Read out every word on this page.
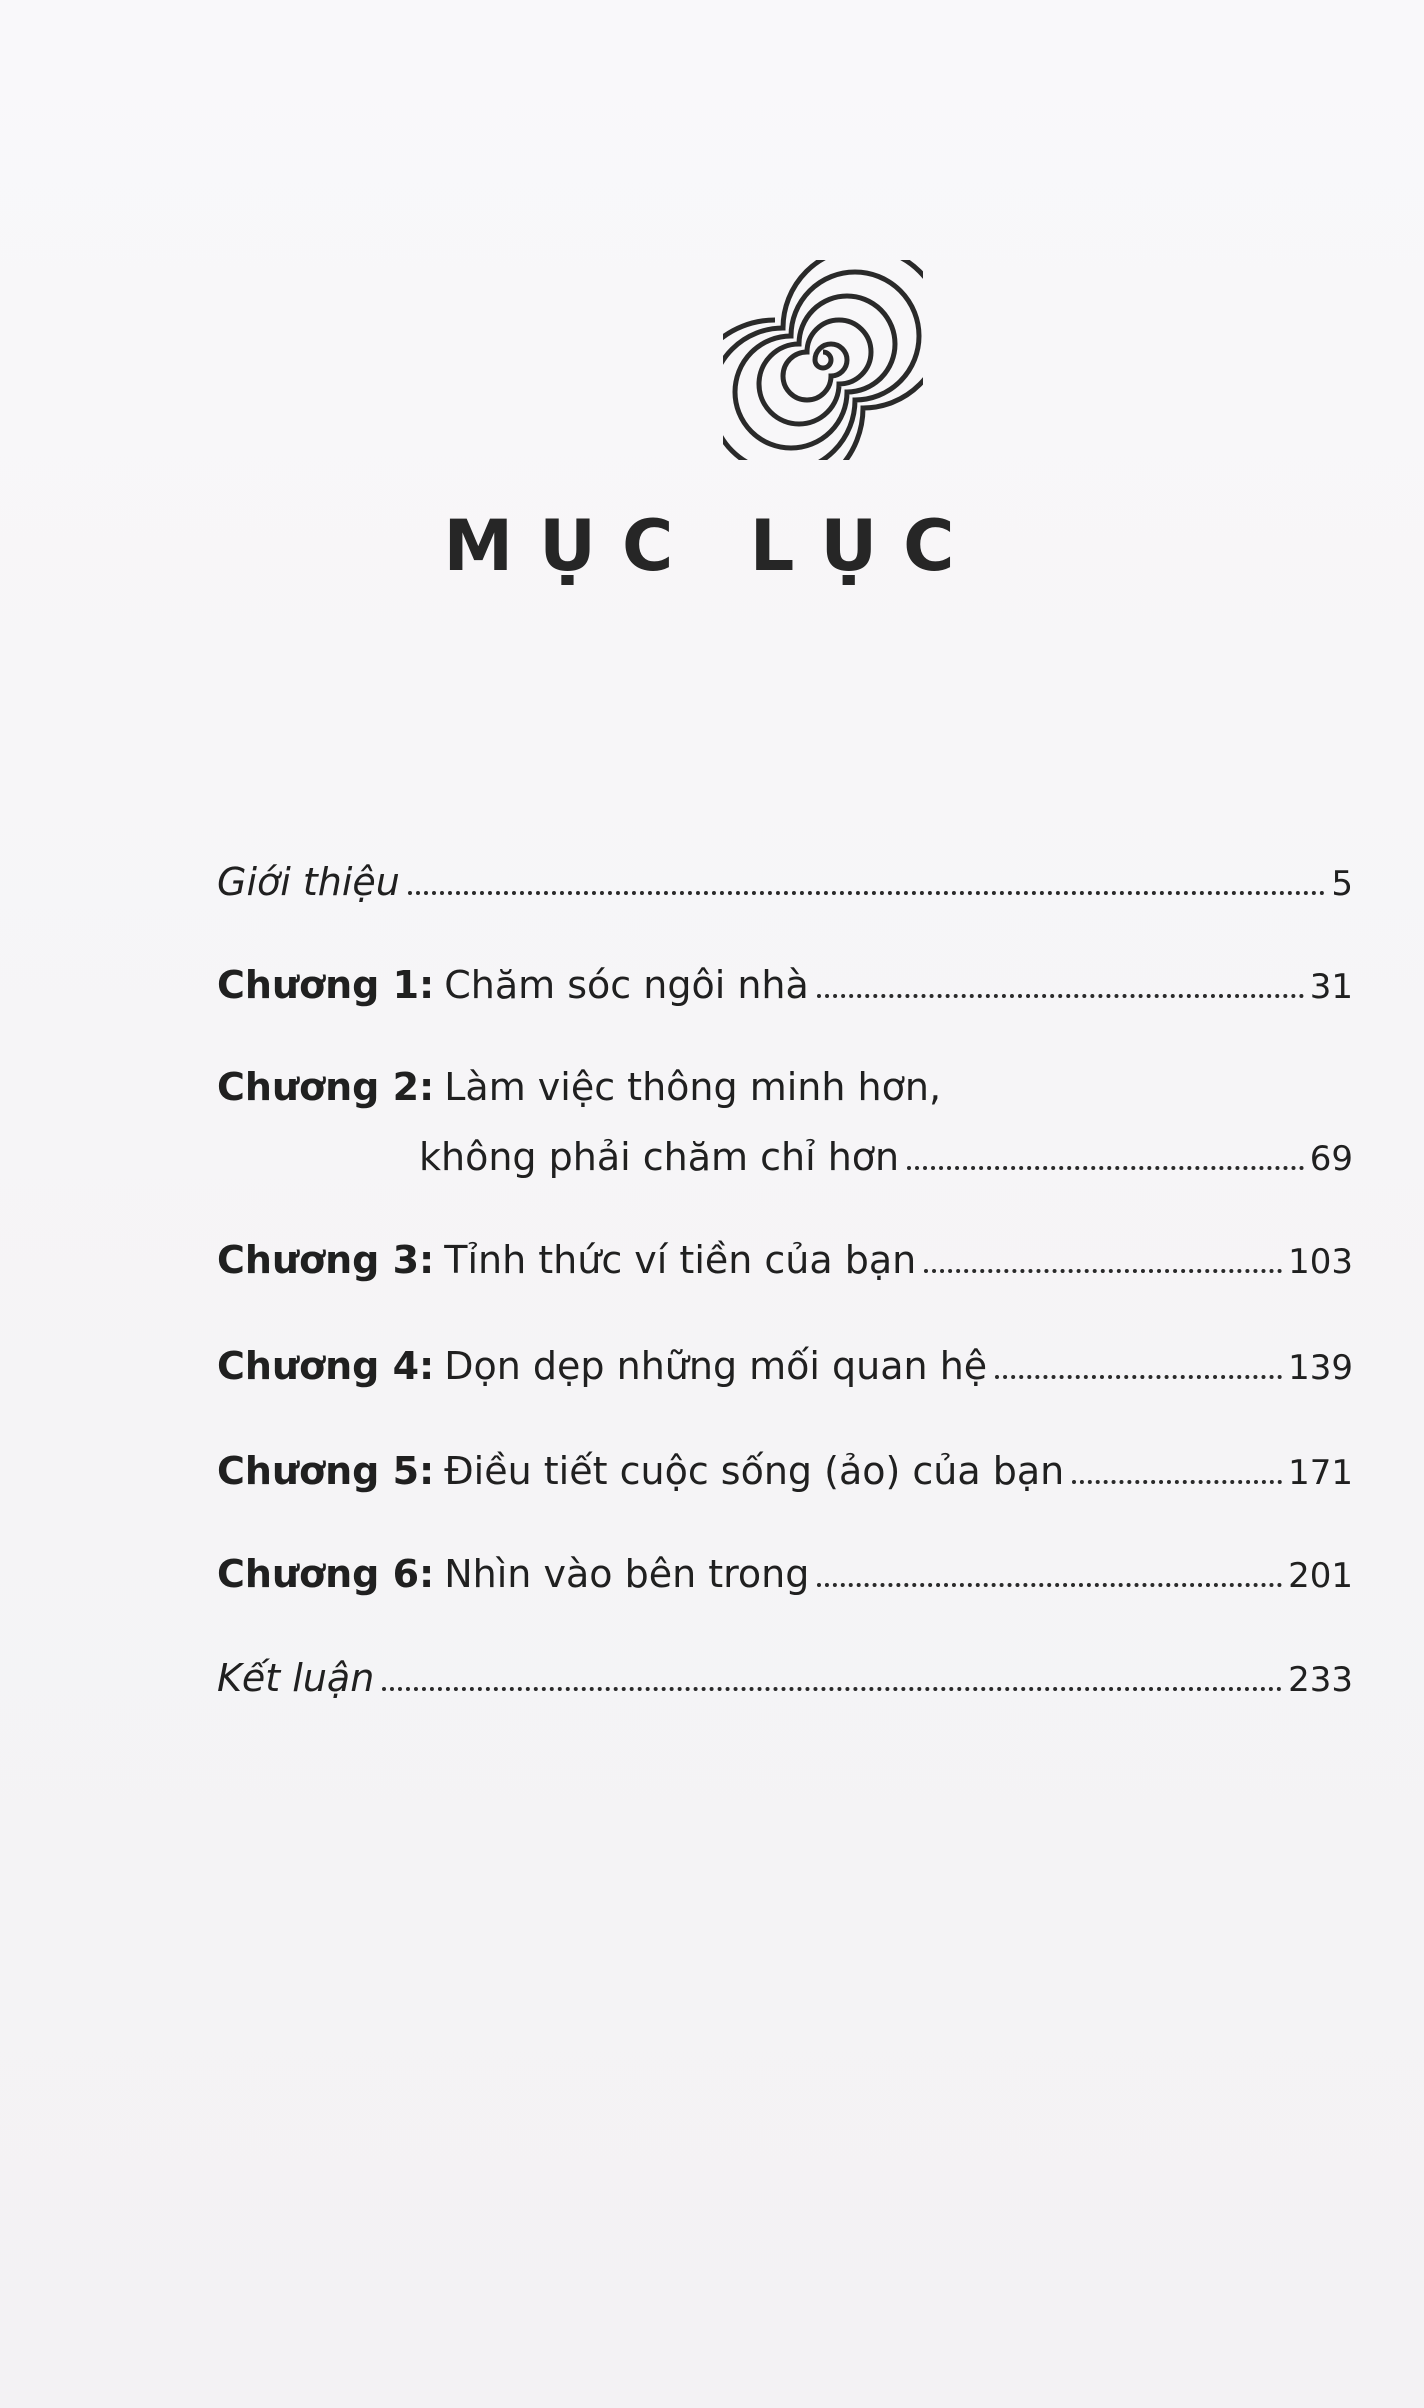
MỤC LỤC
Giới thiệu	5
Chương 1: Chăm sóc ngôi nhà	31
Chương 2: Làm việc thông minh hơn,
không phải chăm chỉ hơn	69
Chương 3: Tỉnh thức ví tiền của bạn	103
Chương 4: Dọn dẹp những mối quan hệ	139
Chương 5: Điều tiết cuộc sống (ảo) của bạn	171
Chương 6: Nhìn vào bên trong	201
Kết luận	233
